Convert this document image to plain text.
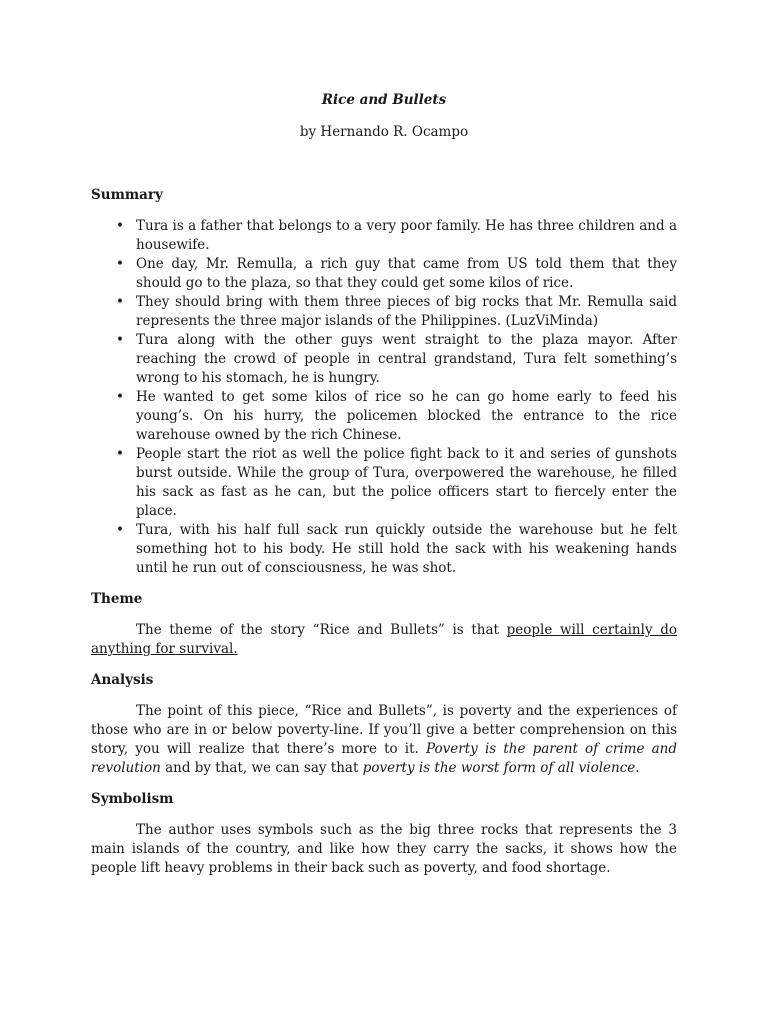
Rice and Bullets
by Hernando R. Ocampo
Summary
• Tura is a father that belongs to a very poor family. He has three children and a housewife.
• One day, Mr. Remulla, a rich guy that came from US told them that they should go to the plaza, so that they could get some kilos of rice.
• They should bring with them three pieces of big rocks that Mr. Remulla said represents the three major islands of the Philippines. (LuzViMinda)
• Tura along with the other guys went straight to the plaza mayor. After reaching the crowd of people in central grandstand, Tura felt something’s wrong to his stomach, he is hungry.
• He wanted to get some kilos of rice so he can go home early to feed his young’s. On his hurry, the policemen blocked the entrance to the rice warehouse owned by the rich Chinese.
• People start the riot as well the police fight back to it and series of gunshots burst outside. While the group of Tura, overpowered the warehouse, he filled his sack as fast as he can, but the police officers start to fiercely enter the place.
• Tura, with his half full sack run quickly outside the warehouse but he felt something hot to his body. He still hold the sack with his weakening hands until he run out of consciousness, he was shot.
Theme

The theme of the story “Rice and Bullets” is that people will certainly do anything for survival.

Analysis

The point of this piece, “Rice and Bullets”, is poverty and the experiences of those who are in or below poverty-line. If you’ll give a better comprehension on this story, you will realize that there’s more to it. Poverty is the parent of crime and revolution and by that, we can say that poverty is the worst form of all violence.

Symbolism

The author uses symbols such as the big three rocks that represents the 3 main islands of the country, and like how they carry the sacks, it shows how the people lift heavy problems in their back such as poverty, and food shortage.
